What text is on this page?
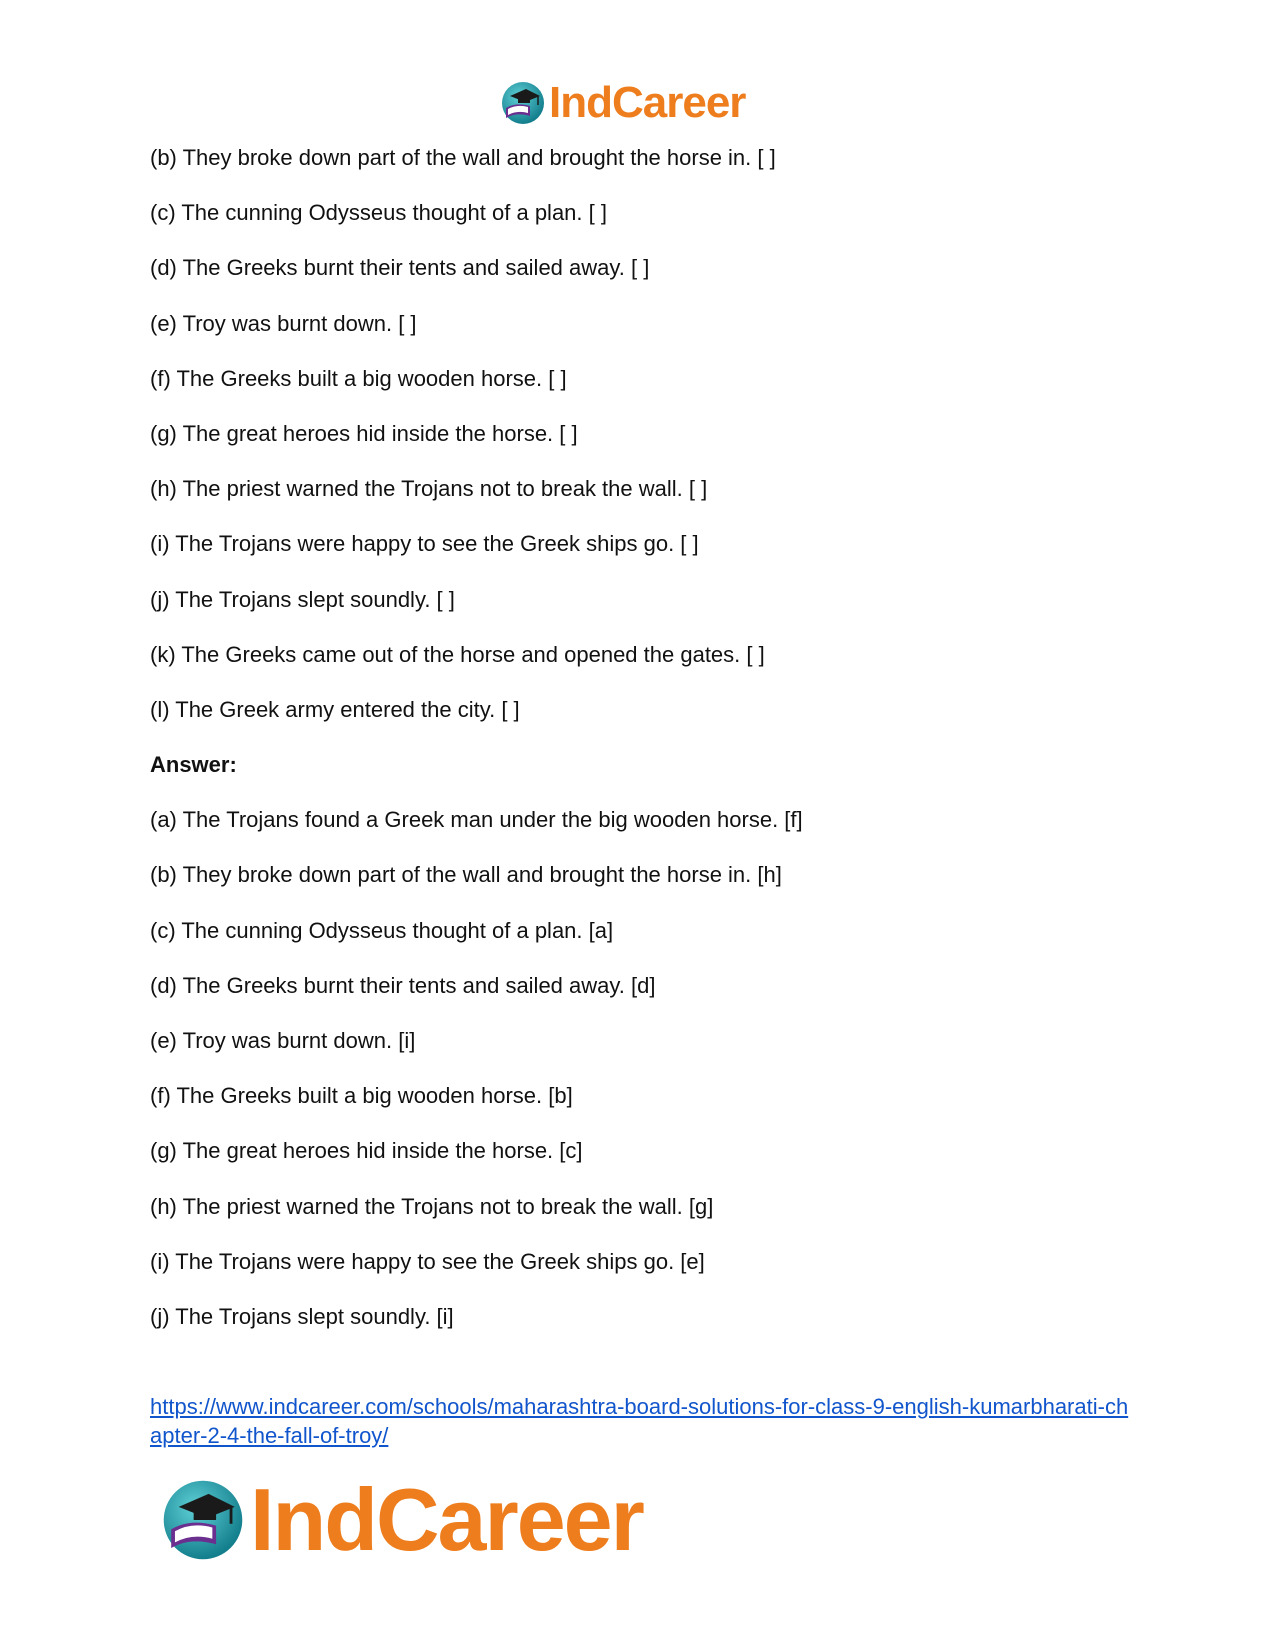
IndCareer
(b) They broke down part of the wall and brought the horse in. [ ]
(c) The cunning Odysseus thought of a plan. [ ]
(d) The Greeks burnt their tents and sailed away. [ ]
(e) Troy was burnt down. [ ]
(f) The Greeks built a big wooden horse. [ ]
(g) The great heroes hid inside the horse. [ ]
(h) The priest warned the Trojans not to break the wall. [ ]
(i) The Trojans were happy to see the Greek ships go. [ ]
(j) The Trojans slept soundly. [ ]
(k) The Greeks came out of the horse and opened the gates. [ ]
(l) The Greek army entered the city. [ ]
Answer:
(a) The Trojans found a Greek man under the big wooden horse. [f]
(b) They broke down part of the wall and brought the horse in. [h]
(c) The cunning Odysseus thought of a plan. [a]
(d) The Greeks burnt their tents and sailed away. [d]
(e) Troy was burnt down. [i]
(f) The Greeks built a big wooden horse. [b]
(g) The great heroes hid inside the horse. [c]
(h) The priest warned the Trojans not to break the wall. [g]
(i) The Trojans were happy to see the Greek ships go. [e]
(j) The Trojans slept soundly. [i]
https://www.indcareer.com/schools/maharashtra-board-solutions-for-class-9-english-kumarbharati-chapter-2-4-the-fall-of-troy/
IndCareer
